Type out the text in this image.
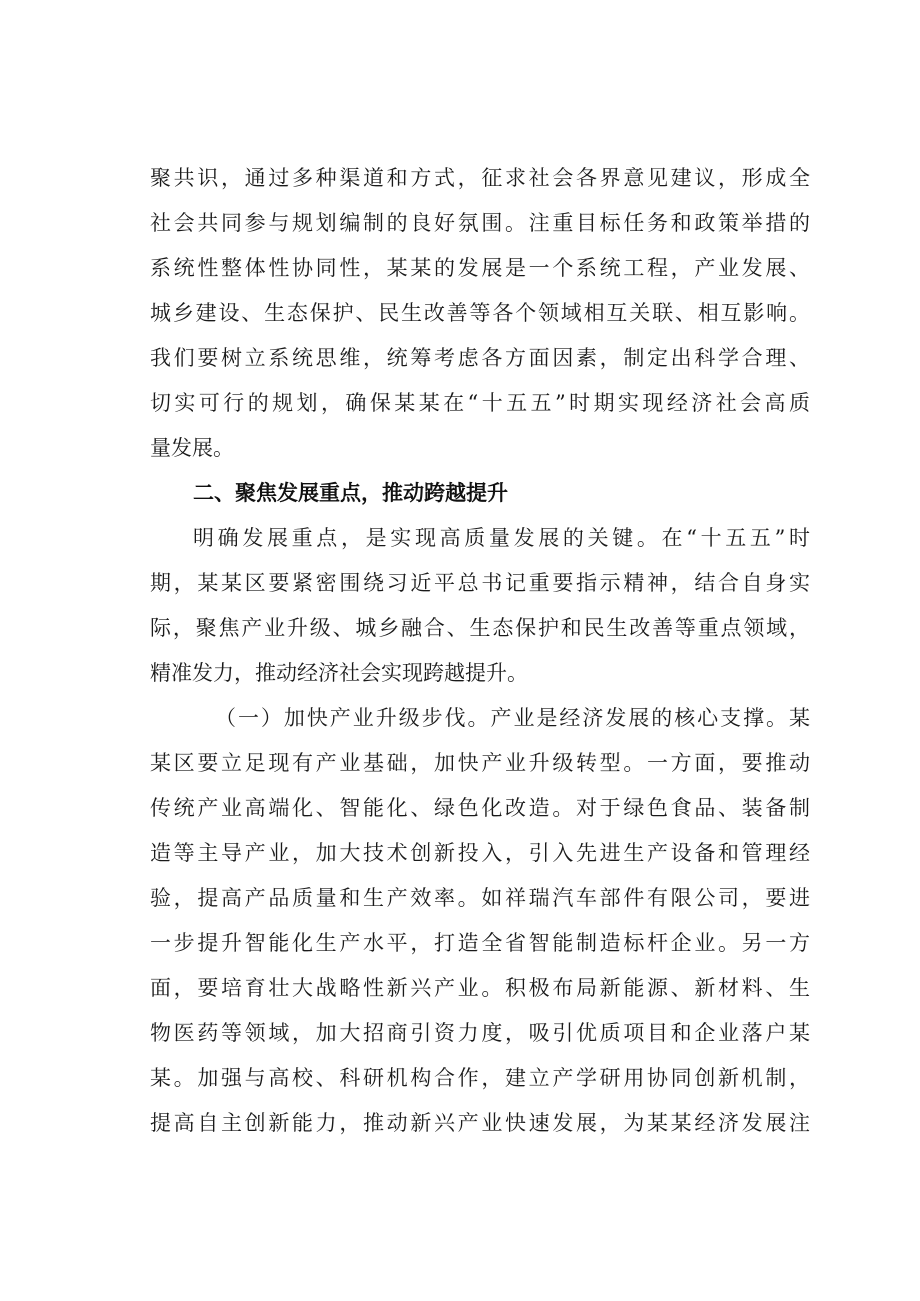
聚共识，通过多种渠道和方式，征求社会各界意见建议，形成全
社会共同参与规划编制的良好氛围。注重目标任务和政策举措的
系统性整体性协同性，某某的发展是一个系统工程，产业发展、
城乡建设、生态保护、民生改善等各个领域相互关联、相互影响。
我们要树立系统思维，统筹考虑各方面因素，制定出科学合理、
切实可行的规划，确保某某在“十五五”时期实现经济社会高质
量发展。
二、聚焦发展重点，推动跨越提升
明确发展重点，是实现高质量发展的关键。在“十五五”时
期，某某区要紧密围绕习近平总书记重要指示精神，结合自身实
际，聚焦产业升级、城乡融合、生态保护和民生改善等重点领域，
精准发力，推动经济社会实现跨越提升。
（一）加快产业升级步伐。产业是经济发展的核心支撑。某
某区要立足现有产业基础，加快产业升级转型。一方面，要推动
传统产业高端化、智能化、绿色化改造。对于绿色食品、装备制
造等主导产业，加大技术创新投入，引入先进生产设备和管理经
验，提高产品质量和生产效率。如祥瑞汽车部件有限公司，要进
一步提升智能化生产水平，打造全省智能制造标杆企业。另一方
面，要培育壮大战略性新兴产业。积极布局新能源、新材料、生
物医药等领域，加大招商引资力度，吸引优质项目和企业落户某
某。加强与高校、科研机构合作，建立产学研用协同创新机制，
提高自主创新能力，推动新兴产业快速发展，为某某经济发展注
